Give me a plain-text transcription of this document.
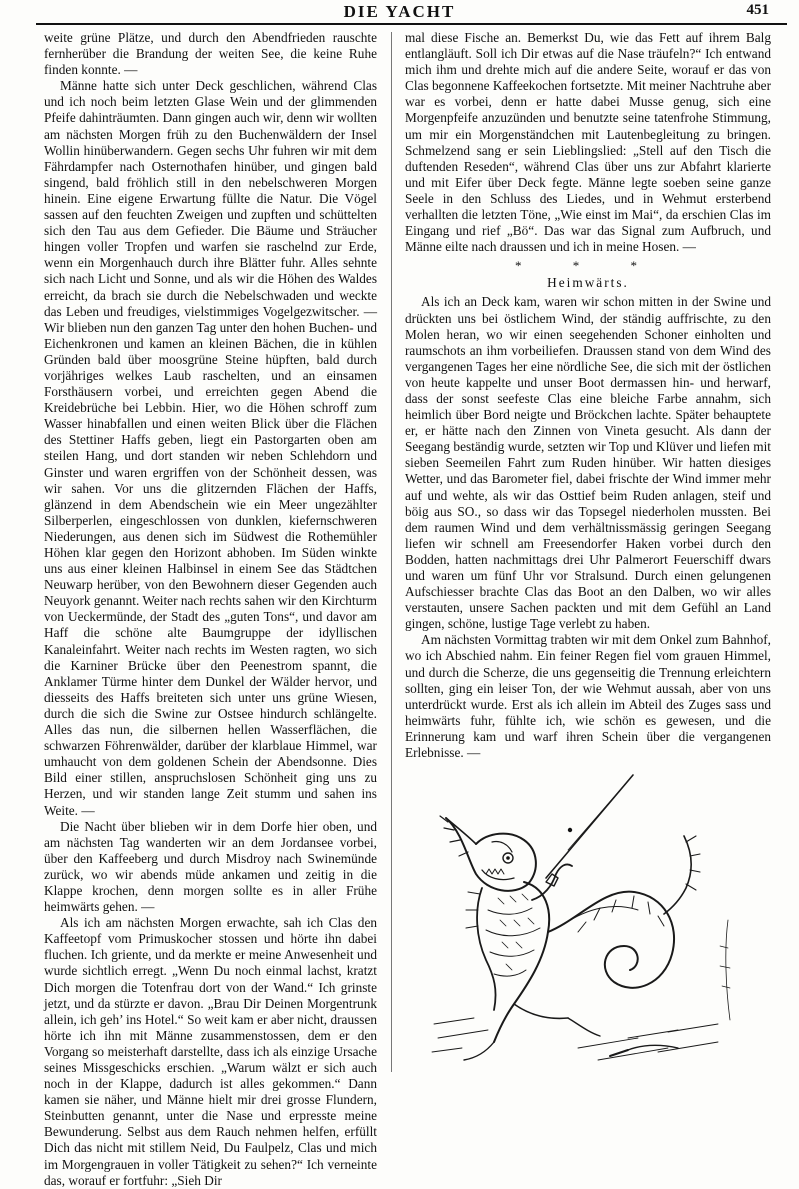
DIE YACHT	451

weite grüne Plätze, und durch den Abendfrieden rauschte fernherüber die Brandung der weiten See, die keine Ruhe finden konnte. —

Männe hatte sich unter Deck geschlichen, während Clas und ich noch beim letzten Glase Wein und der glimmenden Pfeife dahinträumten. Dann gingen auch wir, denn wir wollten am nächsten Morgen früh zu den Buchenwäldern der Insel Wollin hinüberwandern. Gegen sechs Uhr fuhren wir mit dem Fährdampfer nach Osternothafen hinüber, und gingen bald singend, bald fröhlich still in den nebelschweren Morgen hinein. Eine eigene Erwartung füllte die Natur. Die Vögel sassen auf den feuchten Zweigen und zupften und schüttelten sich den Tau aus dem Gefieder. Die Bäume und Sträucher hingen voller Tropfen und warfen sie raschelnd zur Erde, wenn ein Morgenhauch durch ihre Blätter fuhr. Alles sehnte sich nach Licht und Sonne, und als wir die Höhen des Waldes erreicht, da brach sie durch die Nebelschwaden und weckte das Leben und freudiges, vielstimmiges Vogelgezwitscher. — Wir blieben nun den ganzen Tag unter den hohen Buchen- und Eichenkronen und kamen an kleinen Bächen, die in kühlen Gründen bald über moosgrüne Steine hüpften, bald durch vorjähriges welkes Laub raschelten, und an einsamen Forsthäusern vorbei, und erreichten gegen Abend die Kreidebrüche bei Lebbin. Hier, wo die Höhen schroff zum Wasser hinabfallen und einen weiten Blick über die Flächen des Stettiner Haffs geben, liegt ein Pastorgarten oben am steilen Hang, und dort standen wir neben Schlehdorn und Ginster und waren ergriffen von der Schönheit dessen, was wir sahen. Vor uns die glitzernden Flächen der Haffs, glänzend in dem Abendschein wie ein Meer ungezählter Silberperlen, eingeschlossen von dunklen, kiefernschweren Niederungen, aus denen sich im Südwest die Rothemühler Höhen klar gegen den Horizont abhoben. Im Süden winkte uns aus einer kleinen Halbinsel in einem See das Städtchen Neuwarp herüber, von den Bewohnern dieser Gegenden auch Neuyork genannt. Weiter nach rechts sahen wir den Kirchturm von Ueckermünde, der Stadt des „guten Tons“, und davor am Haff die schöne alte Baumgruppe der idyllischen Kanaleinfahrt. Weiter nach rechts im Westen ragten, wo sich die Karniner Brücke über den Peenestrom spannt, die Anklamer Türme hinter dem Dunkel der Wälder hervor, und diesseits des Haffs breiteten sich unter uns grüne Wiesen, durch die sich die Swine zur Ostsee hindurch schlängelte. Alles das nun, die silbernen hellen Wasserflächen, die schwarzen Föhrenwälder, darüber der klarblaue Himmel, war umhaucht von dem goldenen Schein der Abendsonne. Dies Bild einer stillen, anspruchslosen Schönheit ging uns zu Herzen, und wir standen lange Zeit stumm und sahen ins Weite. —

Die Nacht über blieben wir in dem Dorfe hier oben, und am nächsten Tag wanderten wir an dem Jordansee vorbei, über den Kaffeeberg und durch Misdroy nach Swinemünde zurück, wo wir abends müde ankamen und zeitig in die Klappe krochen, denn morgen sollte es in aller Frühe heimwärts gehen. —

Als ich am nächsten Morgen erwachte, sah ich Clas den Kaffeetopf vom Primuskocher stossen und hörte ihn dabei fluchen. Ich griente, und da merkte er meine Anwesenheit und wurde sichtlich erregt. „Wenn Du noch einmal lachst, kratzt Dich morgen die Totenfrau dort von der Wand.“ Ich grinste jetzt, und da stürzte er davon. „Brau Dir Deinen Morgentrunk allein, ich geh’ ins Hotel.“ So weit kam er aber nicht, draussen hörte ich ihn mit Männe zusammenstossen, dem er den Vorgang so meisterhaft darstellte, dass ich als einzige Ursache seines Missgeschicks erschien. „Warum wälzt er sich auch noch in der Klappe, dadurch ist alles gekommen.“ Dann kamen sie näher, und Männe hielt mir drei grosse Flundern, Steinbutten genannt, unter die Nase und erpresste meine Bewunderung. Selbst aus dem Rauch nehmen helfen, erfüllt Dich das nicht mit stillem Neid, Du Faulpelz, Clas und mich im Morgengrauen in voller Tätigkeit zu sehen?“ Ich verneinte das, worauf er fortfuhr: „Sieh Dir

mal diese Fische an. Bemerkst Du, wie das Fett auf ihrem Balg entlangläuft. Soll ich Dir etwas auf die Nase träufeln?“ Ich entwand mich ihm und drehte mich auf die andere Seite, worauf er das von Clas begonnene Kaffeekochen fortsetzte. Mit meiner Nachtruhe aber war es vorbei, denn er hatte dabei Musse genug, sich eine Morgenpfeife anzuzünden und benutzte seine tatenfrohe Stimmung, um mir ein Morgenständchen mit Lautenbegleitung zu bringen. Schmelzend sang er sein Lieblingslied: „Stell auf den Tisch die duftenden Reseden“, während Clas über uns zur Abfahrt klarierte und mit Eifer über Deck fegte. Männe legte soeben seine ganze Seele in den Schluss des Liedes, und in Wehmut ersterbend verhallten die letzten Töne, „Wie einst im Mai“, da erschien Clas im Eingang und rief „Bö“. Das war das Signal zum Aufbruch, und Männe eilte nach draussen und ich in meine Hosen. —

* * *

Heimwärts.

Als ich an Deck kam, waren wir schon mitten in der Swine und drückten uns bei östlichem Wind, der ständig auffrischte, zu den Molen heran, wo wir einen seegehenden Schoner einholten und raumschots an ihm vorbeiliefen. Draussen stand von dem Wind des vergangenen Tages her eine nördliche See, die sich mit der östlichen von heute kappelte und unser Boot dermassen hin- und herwarf, dass der sonst seefeste Clas eine bleiche Farbe annahm, sich heimlich über Bord neigte und Bröckchen lachte. Später behauptete er, er hätte nach den Zinnen von Vineta gesucht. Als dann der Seegang beständig wurde, setzten wir Top und Klüver und liefen mit sieben Seemeilen Fahrt zum Ruden hinüber. Wir hatten diesiges Wetter, und das Barometer fiel, dabei frischte der Wind immer mehr auf und wehte, als wir das Osttief beim Ruden anlagen, steif und böig aus SO., so dass wir das Topsegel niederholen mussten. Bei dem raumen Wind und dem verhältnissmässig geringen Seegang liefen wir schnell am Freesendorfer Haken vorbei durch den Bodden, hatten nachmittags drei Uhr Palmerort Feuerschiff dwars und waren um fünf Uhr vor Stralsund. Durch einen gelungenen Aufschiesser brachte Clas das Boot an den Dalben, wo wir alles verstauten, unsere Sachen packten und mit dem Gefühl an Land gingen, schöne, lustige Tage verlebt zu haben.

Am nächsten Vormittag trabten wir mit dem Onkel zum Bahnhof, wo ich Abschied nahm. Ein feiner Regen fiel vom grauen Himmel, und durch die Scherze, die uns gegenseitig die Trennung erleichtern sollten, ging ein leiser Ton, der wie Wehmut aussah, aber von uns unterdrückt wurde. Erst als ich allein im Abteil des Zuges sass und heimwärts fuhr, fühlte ich, wie schön es gewesen, und die Erinnerung kam und warf ihren Schein über die vergangenen Erlebnisse. —
